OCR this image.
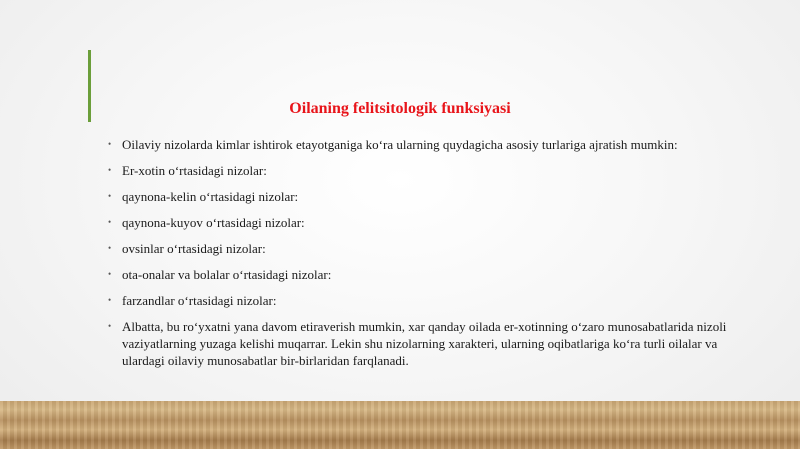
Oilaning felitsitologik funksiyasi
• Oilaviy nizolarda kimlar ishtirok etayotganiga ko‘ra ularning quydagicha asosiy turlariga ajratish mumkin:
• Er-xotin o‘rtasidagi nizolar:
• qaynona-kelin o‘rtasidagi nizolar:
• qaynona-kuyov o‘rtasidagi nizolar:
• ovsinlar o‘rtasidagi nizolar:
• ota-onalar va bolalar o‘rtasidagi nizolar:
• farzandlar o‘rtasidagi nizolar:
• Albatta, bu ro‘yxatni yana davom etiraverish mumkin, xar qanday oilada er-xotinning o‘zaro munosabatlarida nizoli vaziyatlarning yuzaga kelishi muqarrar. Lekin shu nizolarning xarakteri, ularning oqibatlariga ko‘ra turli oilalar va ulardagi oilaviy munosabatlar bir-birlaridan farqlanadi.
